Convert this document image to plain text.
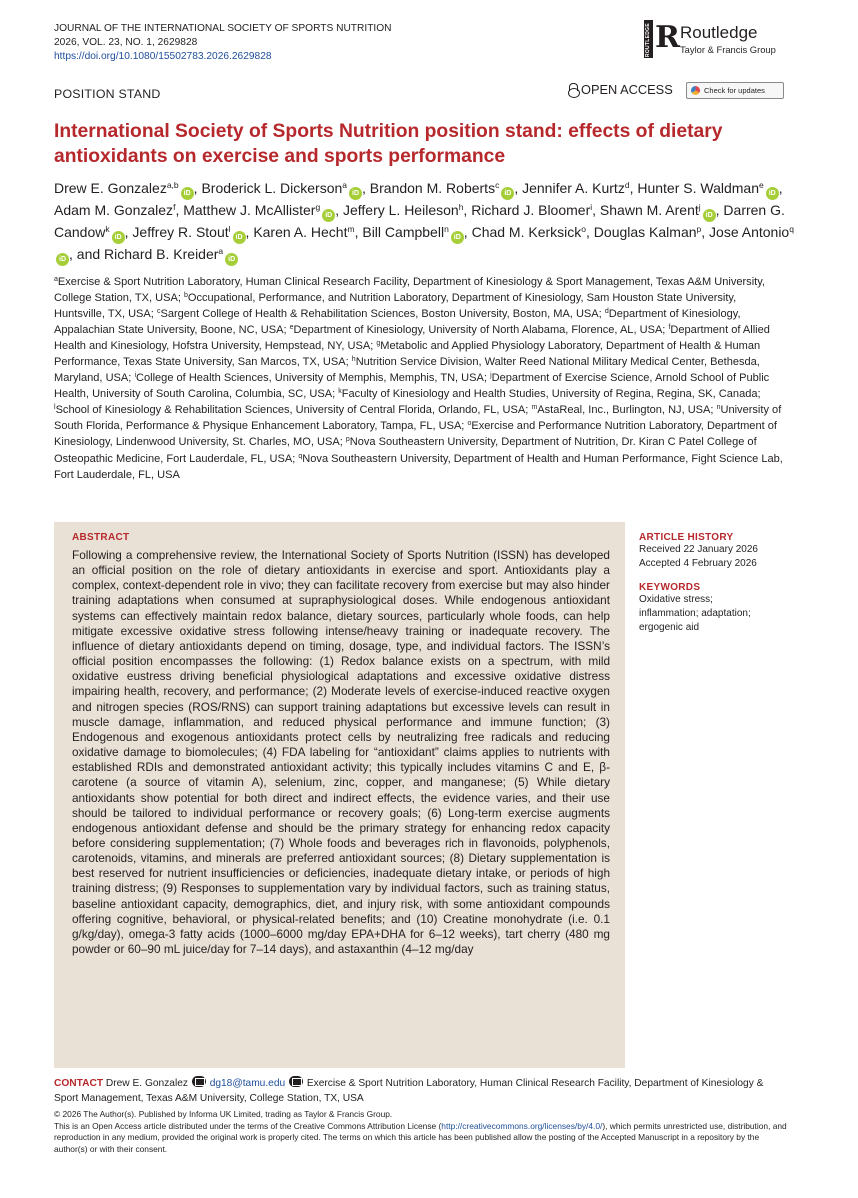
JOURNAL OF THE INTERNATIONAL SOCIETY OF SPORTS NUTRITION
2026, VOL. 23, NO. 1, 2629828
https://doi.org/10.1080/15502783.2026.2629828	ROUTLEDGE R Routledge
Taylor & Francis Group
POSITION STAND	OPEN ACCESS	Check for updates
International Society of Sports Nutrition position stand: effects of dietary antioxidants on exercise and sports performance
Drew E. Gonzalez$^{a,b}$iD , Broderick L. Dickerson$^a$iD , Brandon M. Roberts$^c$iD , Jennifer A. Kurtz$^d$, Hunter S. Waldman$^e$iD , Adam M. Gonzalez$^f$, Matthew J. McAllister$^g$iD , Jeffery L. Heileson$^h$, Richard J. Bloomer$^i$, Shawn M. Arent$^j$iD , Darren G. Candow$^k$iD , Jeffrey R. Stout$^l$iD , Karen A. Hecht$^m$, Bill Campbell$^n$iD , Chad M. Kerksick$^o$, Douglas Kalman$^p$, Jose Antonio$^q$iD , and Richard B. Kreider$^a$iD
$^a$Exercise & Sport Nutrition Laboratory, Human Clinical Research Facility, Department of Kinesiology & Sport Management, Texas A&M University, College Station, TX, USA; $^b$Occupational, Performance, and Nutrition Laboratory, Department of Kinesiology, Sam Houston State University, Huntsville, TX, USA; $^c$Sargent College of Health & Rehabilitation Sciences, Boston University, Boston, MA, USA; $^d$Department of Kinesiology, Appalachian State University, Boone, NC, USA; $^e$Department of Kinesiology, University of North Alabama, Florence, AL, USA; $^f$Department of Allied Health and Kinesiology, Hofstra University, Hempstead, NY, USA; $^g$Metabolic and Applied Physiology Laboratory, Department of Health & Human Performance, Texas State University, San Marcos, TX, USA; $^h$Nutrition Service Division, Walter Reed National Military Medical Center, Bethesda, Maryland, USA; $^i$College of Health Sciences, University of Memphis, Memphis, TN, USA; $^j$Department of Exercise Science, Arnold School of Public Health, University of South Carolina, Columbia, SC, USA; $^k$Faculty of Kinesiology and Health Studies, University of Regina, Regina, SK, Canada; $^l$School of Kinesiology & Rehabilitation Sciences, University of Central Florida, Orlando, FL, USA; $^m$AstaReal, Inc., Burlington, NJ, USA; $^n$University of South Florida, Performance & Physique Enhancement Laboratory, Tampa, FL, USA; $^o$Exercise and Performance Nutrition Laboratory, Department of Kinesiology, Lindenwood University, St. Charles, MO, USA; $^p$Nova Southeastern University, Department of Nutrition, Dr. Kiran C Patel College of Osteopathic Medicine, Fort Lauderdale, FL, USA; $^q$Nova Southeastern University, Department of Health and Human Performance, Fight Science Lab, Fort Lauderdale, FL, USA
ABSTRACT
Following a comprehensive review, the International Society of Sports Nutrition (ISSN) has developed an official position on the role of dietary antioxidants in exercise and sport. Antioxidants play a complex, context-dependent role in vivo; they can facilitate recovery from exercise but may also hinder training adaptations when consumed at supraphysiological doses. While endogenous antioxidant systems can effectively maintain redox balance, dietary sources, particularly whole foods, can help mitigate excessive oxidative stress following intense/heavy training or inadequate recovery. The influence of dietary antioxidants depend on timing, dosage, type, and individual factors. The ISSN’s official position encompasses the following: (1) Redox balance exists on a spectrum, with mild oxidative eustress driving beneficial physiological adaptations and excessive oxidative distress impairing health, recovery, and performance; (2) Moderate levels of exercise-induced reactive oxygen and nitrogen species (ROS/RNS) can support training adaptations but excessive levels can result in muscle damage, inflammation, and reduced physical performance and immune function; (3) Endogenous and exogenous antioxidants protect cells by neutralizing free radicals and reducing oxidative damage to biomolecules; (4) FDA labeling for “antioxidant” claims applies to nutrients with established RDIs and demonstrated antioxidant activity; this typically includes vitamins C and E, β-carotene (a source of vitamin A), selenium, zinc, copper, and manganese; (5) While dietary antioxidants show potential for both direct and indirect effects, the evidence varies, and their use should be tailored to individual performance or recovery goals; (6) Long-term exercise augments endogenous antioxidant defense and should be the primary strategy for enhancing redox capacity before considering supplementation; (7) Whole foods and beverages rich in flavonoids, polyphenols, carotenoids, vitamins, and minerals are preferred antioxidant sources; (8) Dietary supplementation is best reserved for nutrient insufficiencies or deficiencies, inadequate dietary intake, or periods of high training distress; (9) Responses to supplementation vary by individual factors, such as training status, baseline antioxidant capacity, demographics, diet, and injury risk, with some antioxidant compounds offering cognitive, behavioral, or physical-related benefits; and (10) Creatine monohydrate (i.e. 0.1 g/kg/day), omega-3 fatty acids (1000–6000 mg/day EPA+DHA for 6–12 weeks), tart cherry (480 mg powder or 60–90 mL juice/day for 7–14 days), and astaxanthin (4–12 mg/day
ARTICLE HISTORY
Received 22 January 2026
Accepted 4 February 2026
KEYWORDS
Oxidative stress;
inflammation; adaptation;
ergogenic aid
CONTACT Drew E. Gonzalez dg18@tamu.edu Exercise & Sport Nutrition Laboratory, Human Clinical Research Facility, Department of Kinesiology & Sport Management, Texas A&M University, College Station, TX, USA
© 2026 The Author(s). Published by Informa UK Limited, trading as Taylor & Francis Group.
This is an Open Access article distributed under the terms of the Creative Commons Attribution License (http://creativecommons.org/licenses/by/4.0/), which permits unrestricted use, distribution, and reproduction in any medium, provided the original work is properly cited. The terms on which this article has been published allow the posting of the Accepted Manuscript in a repository by the author(s) or with their consent.
